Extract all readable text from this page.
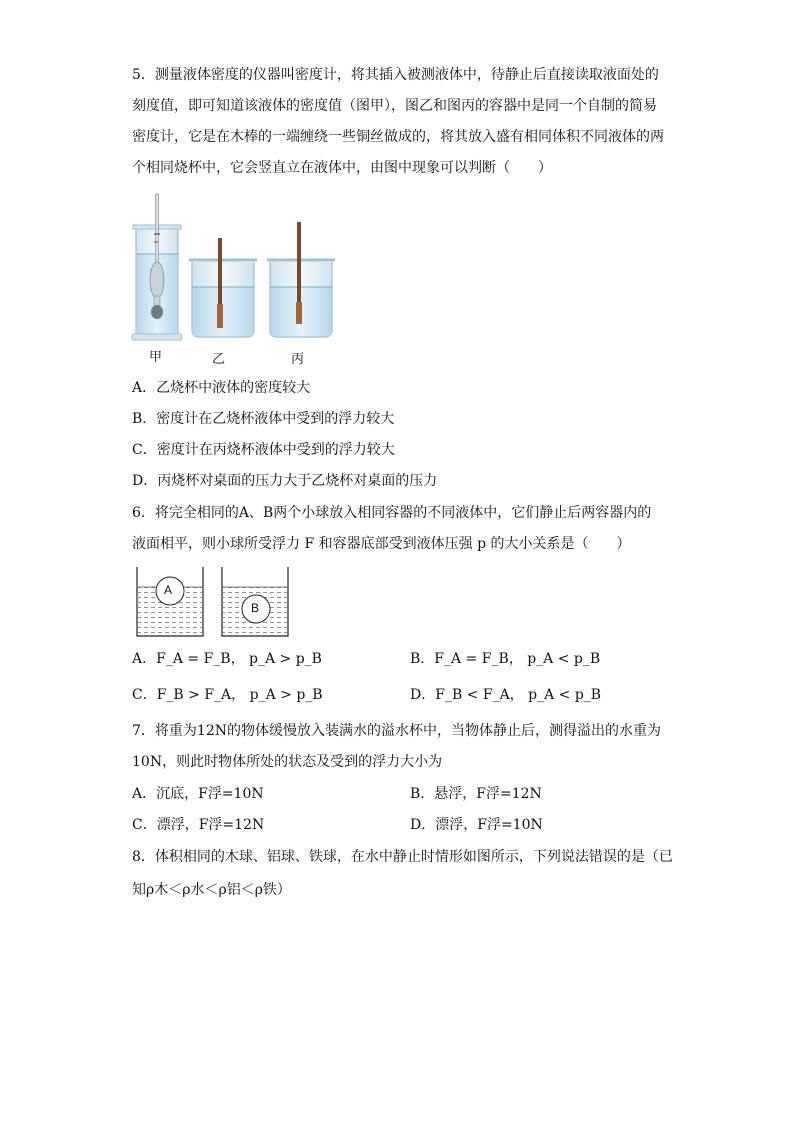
5．测量液体密度的仪器叫密度计，将其插入被测液体中，待静止后直接读取液面处的
刻度值，即可知道该液体的密度值（图甲），图乙和图丙的容器中是同一个自制的简易
密度计，它是在木棒的一端缠绕一些铜丝做成的，将其放入盛有相同体积不同液体的两
个相同烧杯中，它会竖直立在液体中，由图中现象可以判断（　　）
甲	乙	丙
A．乙烧杯中液体的密度较大
B．密度计在乙烧杯液体中受到的浮力较大
C．密度计在丙烧杯液体中受到的浮力较大
D．丙烧杯对桌面的压力大于乙烧杯对桌面的压力
6．将完全相同的A、B两个小球放入相同容器的不同液体中，它们静止后两容器内的
液面相平，则小球所受浮力 F 和容器底部受到液体压强 p 的大小关系是（　　）
A
B
A．F_A = F_B， p_A > p_B	B．F_A = F_B， p_A < p_B
C．F_B > F_A， p_A > p_B	D．F_B < F_A， p_A < p_B
7．将重为12N的物体缓慢放入装满水的溢水杯中，当物体静止后，测得溢出的水重为
10N，则此时物体所处的状态及受到的浮力大小为
A．沉底，F浮=10N	B．悬浮，F浮=12N
C．漂浮，F浮=12N	D．漂浮，F浮=10N
8．体积相同的木球、铝球、铁球，在水中静止时情形如图所示，下列说法错误的是（已
知ρ木＜ρ水＜ρ铝＜ρ铁）
